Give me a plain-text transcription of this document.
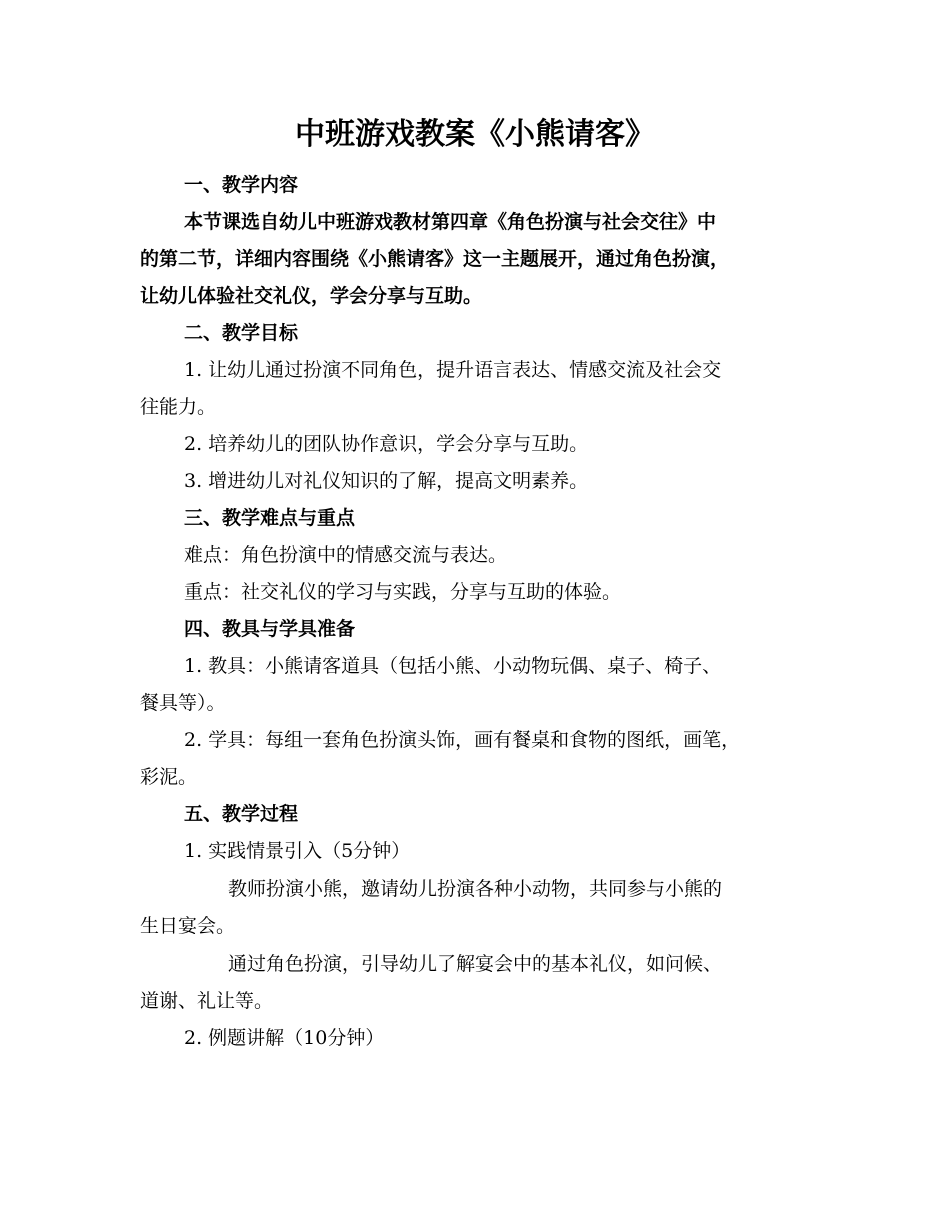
中班游戏教案《小熊请客》

一、教学内容

本节课选自幼儿中班游戏教材第四章《角色扮演与社会交往》中

的第二节，详细内容围绕《小熊请客》这一主题展开，通过角色扮演，

让幼儿体验社交礼仪，学会分享与互助。

二、教学目标

1. 让幼儿通过扮演不同角色，提升语言表达、情感交流及社会交

往能力。

2. 培养幼儿的团队协作意识，学会分享与互助。

3. 增进幼儿对礼仪知识的了解，提高文明素养。

三、教学难点与重点

难点：角色扮演中的情感交流与表达。

重点：社交礼仪的学习与实践，分享与互助的体验。

四、教具与学具准备

1. 教具：小熊请客道具（包括小熊、小动物玩偶、桌子、椅子、

餐具等）。

2. 学具：每组一套角色扮演头饰，画有餐桌和食物的图纸，画笔，

彩泥。

五、教学过程

1. 实践情景引入（5分钟）

教师扮演小熊，邀请幼儿扮演各种小动物，共同参与小熊的

生日宴会。

通过角色扮演，引导幼儿了解宴会中的基本礼仪，如问候、

道谢、礼让等。

2. 例题讲解（10分钟）
